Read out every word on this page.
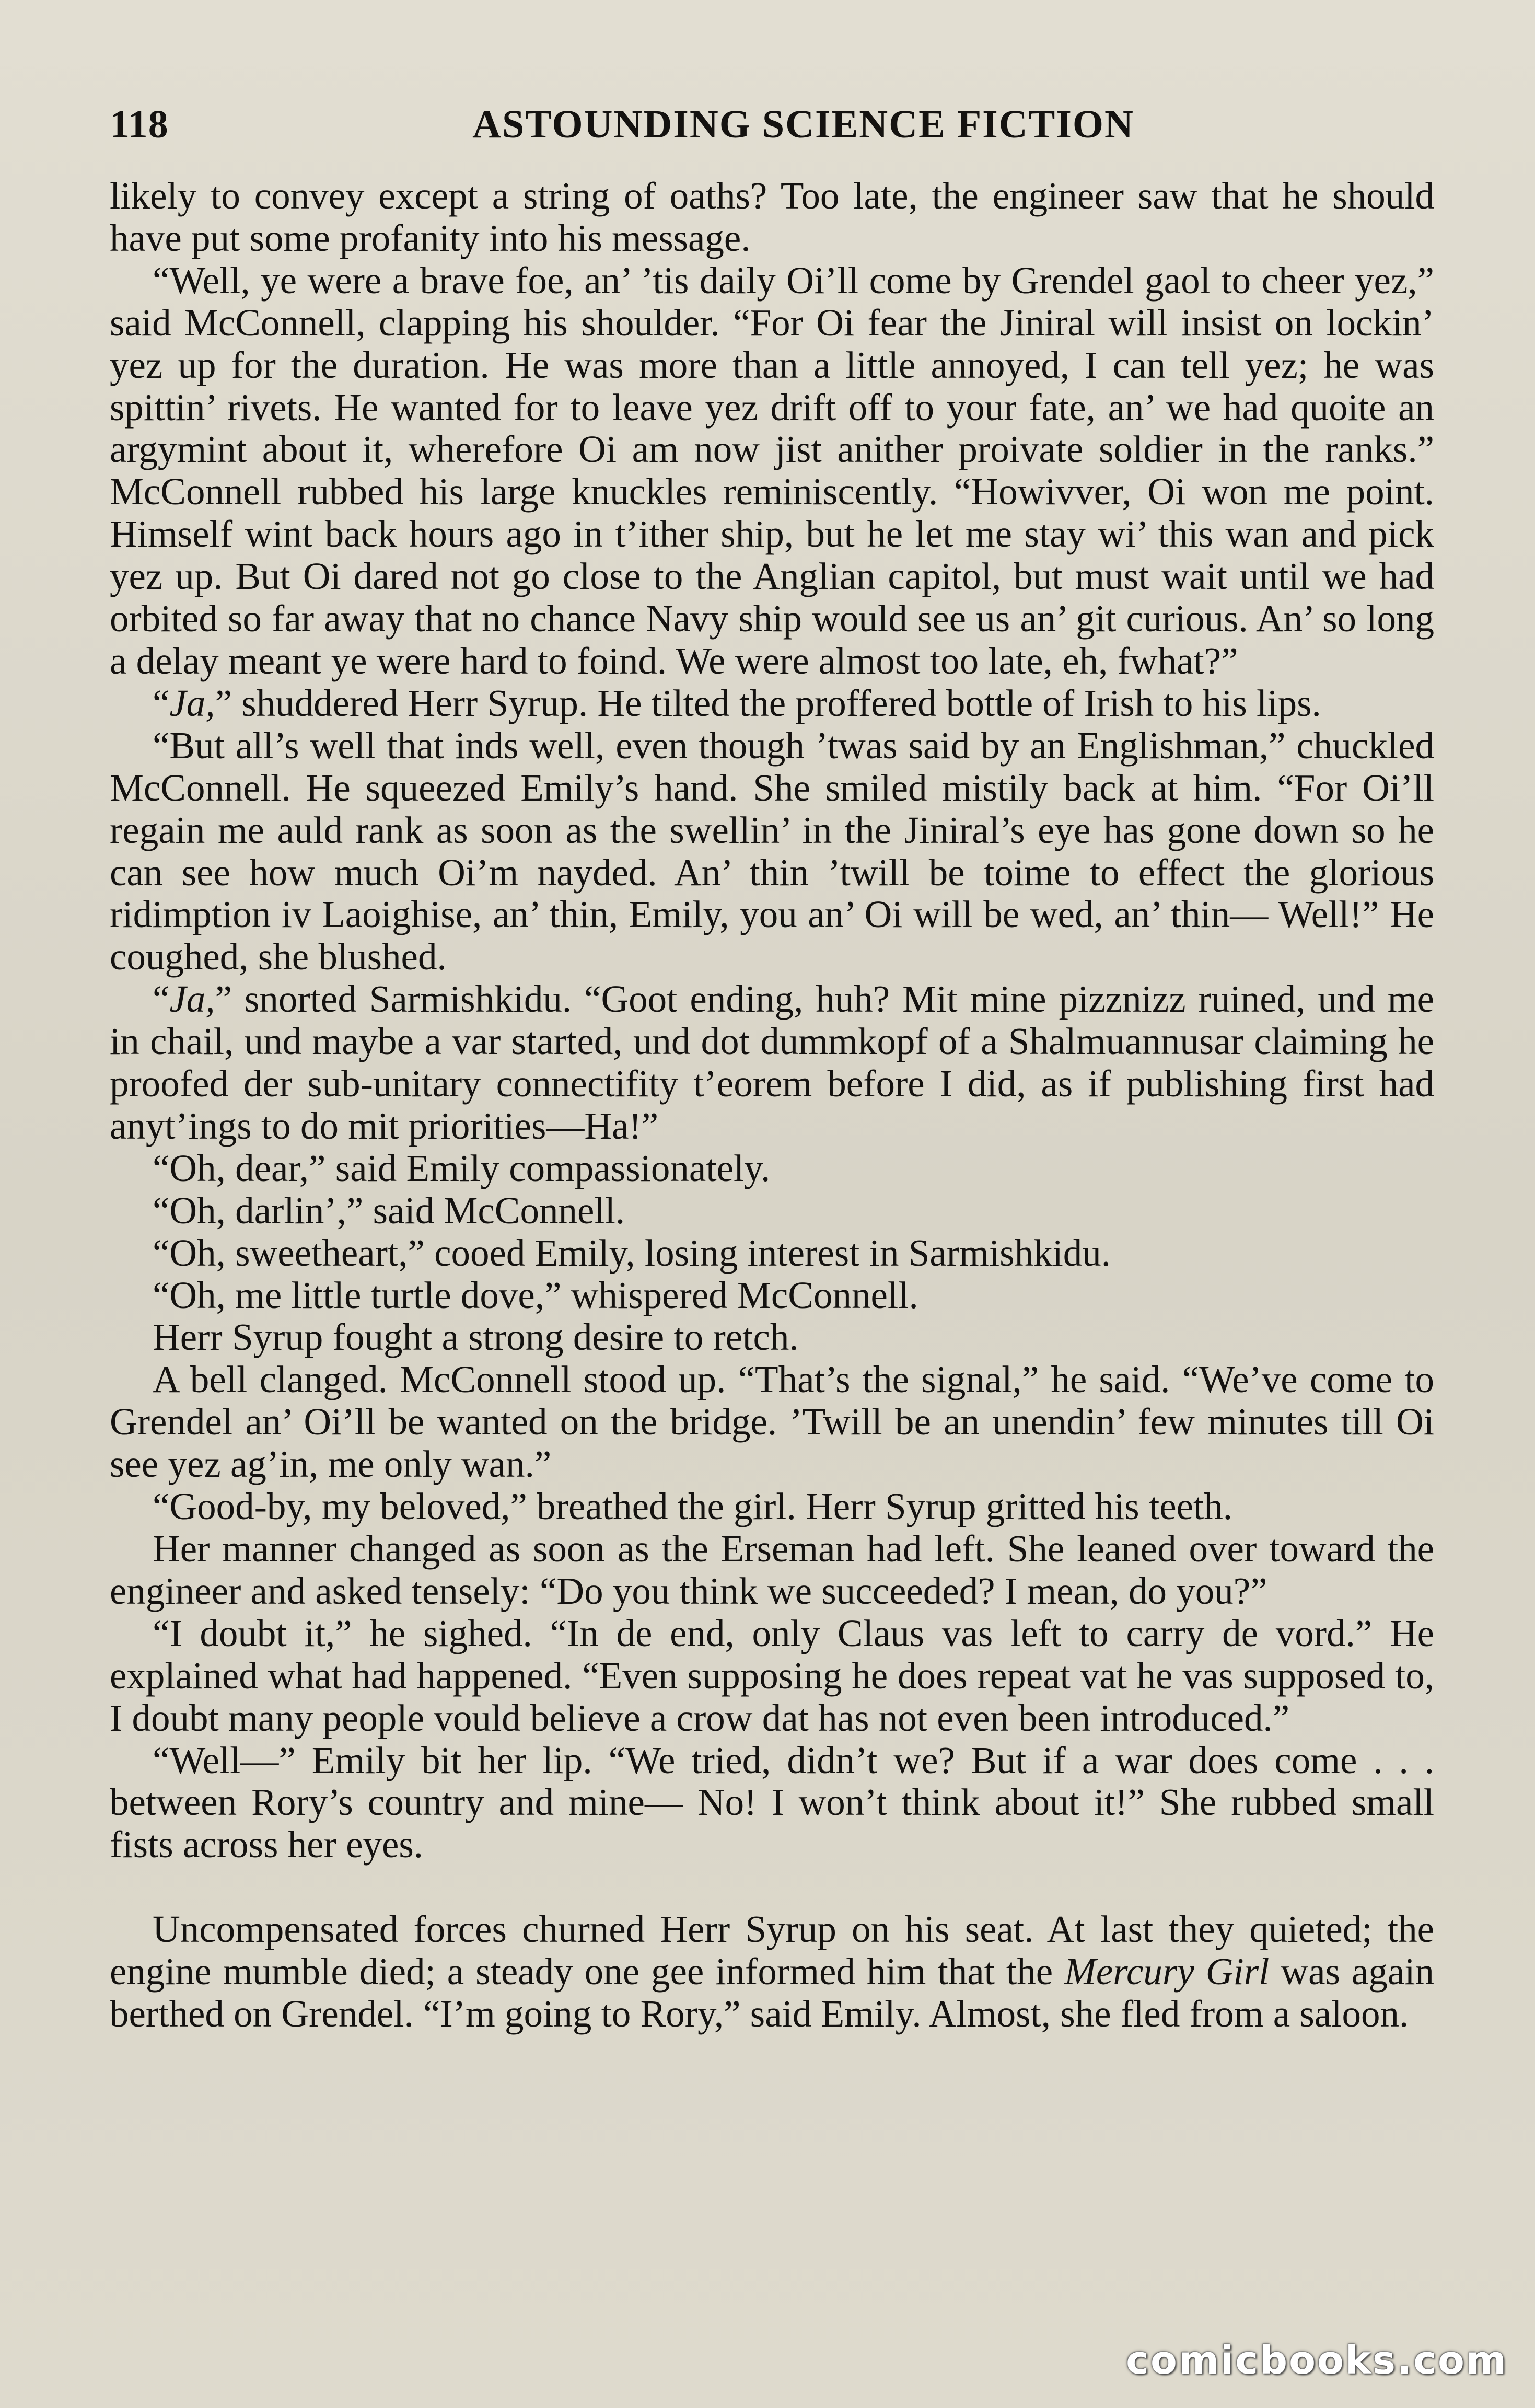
118	ASTOUNDING SCIENCE FICTION

likely to convey except a string of oaths? Too late, the engineer saw that he should have put some profanity into his message.

“Well, ye were a brave foe, an’ ’tis daily Oi’ll come by Grendel gaol to cheer yez,” said McConnell, clapping his shoulder. “For Oi fear the Jiniral will insist on lockin’ yez up for the duration. He was more than a little annoyed, I can tell yez; he was spittin’ rivets. He wanted for to leave yez drift off to your fate, an’ we had quoite an argymint about it, wherefore Oi am now jist anither proivate soldier in the ranks.” McConnell rubbed his large knuckles reminiscently. “Howivver, Oi won me point. Himself wint back hours ago in t’ither ship, but he let me stay wi’ this wan and pick yez up. But Oi dared not go close to the Anglian capitol, but must wait until we had orbited so far away that no chance Navy ship would see us an’ git curious. An’ so long a delay meant ye were hard to foind. We were almost too late, eh, fwhat?”

“Ja,” shuddered Herr Syrup. He tilted the proffered bottle of Irish to his lips.

“But all’s well that inds well, even though ’twas said by an Englishman,” chuckled McConnell. He squeezed Emily’s hand. She smiled mistily back at him. “For Oi’ll regain me auld rank as soon as the swellin’ in the Jiniral’s eye has gone down so he can see how much Oi’m nayded. An’ thin ’twill be toime to effect the glorious ridimption iv Laoighise, an’ thin, Emily, you an’ Oi will be wed, an’ thin— Well!” He coughed, she blushed.

“Ja,” snorted Sarmishkidu. “Goot ending, huh? Mit mine pizznizz ruined, und me in chail, und maybe a var started, und dot dummkopf of a Shalmuannusar claiming he proofed der sub-unitary connectifity t’eorem before I did, as if publishing first had anyt’ings to do mit priorities—Ha!”

“Oh, dear,” said Emily compassionately.

“Oh, darlin’,” said McConnell.

“Oh, sweetheart,” cooed Emily, losing interest in Sarmishkidu.

“Oh, me little turtle dove,” whispered McConnell.

Herr Syrup fought a strong desire to retch.

A bell clanged. McConnell stood up. “That’s the signal,” he said. “We’ve come to Grendel an’ Oi’ll be wanted on the bridge. ’Twill be an unendin’ few minutes till Oi see yez ag’in, me only wan.”

“Good-by, my beloved,” breathed the girl. Herr Syrup gritted his teeth.

Her manner changed as soon as the Erseman had left. She leaned over toward the engineer and asked tensely: “Do you think we succeeded? I mean, do you?”

“I doubt it,” he sighed. “In de end, only Claus vas left to carry de vord.” He explained what had happened. “Even supposing he does repeat vat he vas supposed to, I doubt many people vould believe a crow dat has not even been introduced.”

“Well—” Emily bit her lip. “We tried, didn’t we? But if a war does come . . . between Rory’s country and mine— No! I won’t think about it!” She rubbed small fists across her eyes.

Uncompensated forces churned Herr Syrup on his seat. At last they quieted; the engine mumble died; a steady one gee informed him that the Mercury Girl was again berthed on Grendel. “I’m going to Rory,” said Emily. Almost, she fled from a saloon.

comicbooks.com
